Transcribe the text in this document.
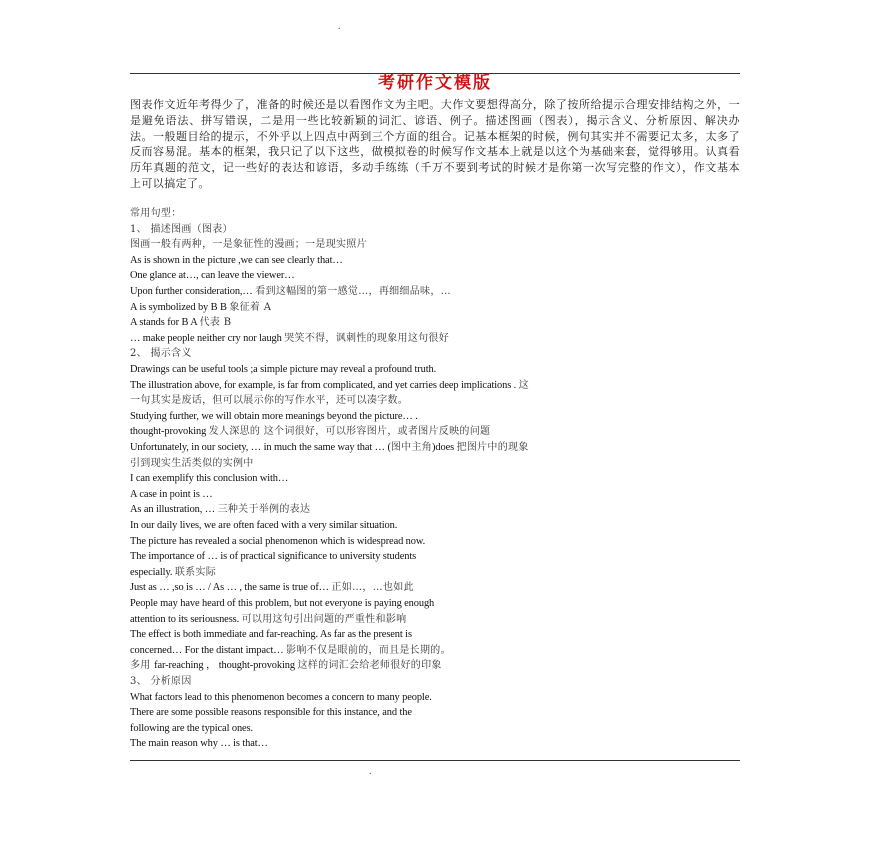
.
考研作文模版
图表作文近年考得少了，准备的时候还是以看图作文为主吧。大作文要想得高分，除了按所给提示合理安排结构之外，一是避免语法、拼写错误，二是用一些比较新颖的词汇、谚语、例子。描述图画（图表），揭示含义、分析原因、解决办法。一般题目给的提示，不外乎以上四点中两到三个方面的组合。记基本框架的时候，例句其实并不需要记太多，太多了反而容易混。基本的框架，我只记了以下这些，做模拟卷的时候写作文基本上就是以这个为基础来套，觉得够用。认真看历年真题的范文，记一些好的表达和谚语，多动手练练（千万不要到考试的时候才是你第一次写完整的作文），作文基本上可以搞定了。
常用句型：
1、 描述图画（图表）
图画一般有两种，一是象征性的漫画；一是现实照片
As is shown in the picture ,we can see clearly that…
One glance at…, can leave the viewer…
Upon further consideration,… 看到这幅图的第一感觉…，再细细品味，…
A is symbolized by B B 象征着 A
A stands for B A 代表 B
… make people neither cry nor laugh 哭笑不得，讽刺性的现象用这句很好
2、 揭示含义
Drawings can be useful tools ;a simple picture may reveal a profound truth.
The illustration above, for example, is far from complicated, and yet carries deep implications . 这
一句其实是废话，但可以展示你的写作水平，还可以凑字数。
Studying further, we will obtain more meanings beyond the picture… .
thought-provoking 发人深思的 这个词很好，可以形容图片，或者图片反映的问题
Unfortunately, in our society, … in much the same way that … (图中主角)does 把图片中的现象
引到现实生活类似的实例中
I can exemplify this conclusion with…
A case in point is …
As an illustration, … 三种关于举例的表达
In our daily lives, we are often faced with a very similar situation.
The picture has revealed a social phenomenon which is widespread now.
The importance of … is of practical significance to university students
especially. 联系实际
Just as … ,so is … / As … , the same is true of… 正如…，…也如此
People may have heard of this problem, but not everyone is paying enough
attention to its seriousness. 可以用这句引出问题的严重性和影响
The effect is both immediate and far-reaching. As far as the present is
concerned… For the distant impact… 影响不仅是眼前的，而且是长期的。
多用 far-reaching ， thought-provoking 这样的词汇会给老师很好的印象
3、 分析原因
What factors lead to this phenomenon becomes a concern to many people.
There are some possible reasons responsible for this instance, and the
following are the typical ones.
The main reason why … is that…
.
